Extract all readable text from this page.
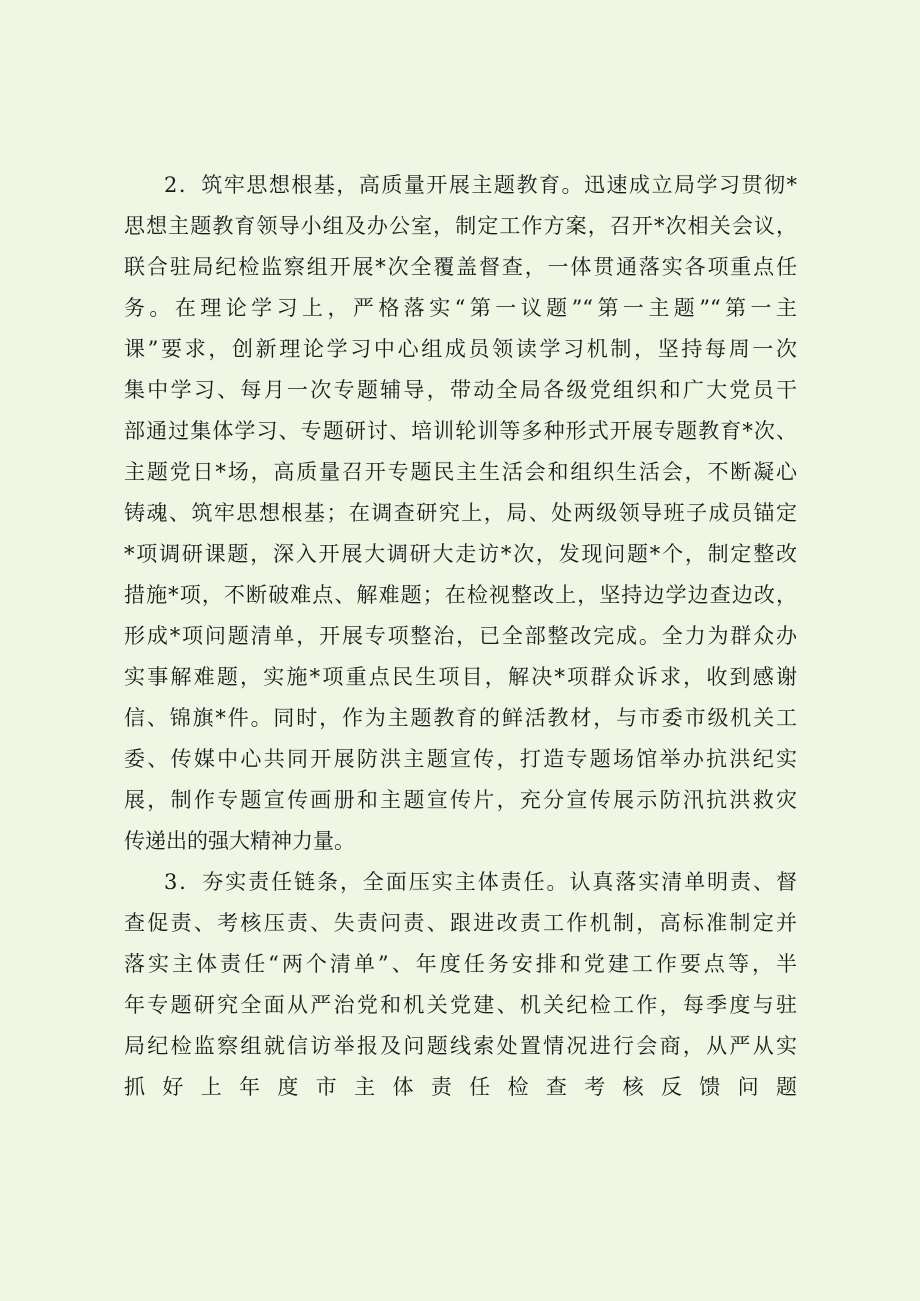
2．筑牢思想根基，高质量开展主题教育。迅速成立局学习贯彻*
思想主题教育领导小组及办公室，制定工作方案，召开*次相关会议，
联合驻局纪检监察组开展*次全覆盖督查，一体贯通落实各项重点任
务。在理论学习上，严格落实“第一议题”“第一主题”“第一主
课”要求，创新理论学习中心组成员领读学习机制，坚持每周一次
集中学习、每月一次专题辅导，带动全局各级党组织和广大党员干
部通过集体学习、专题研讨、培训轮训等多种形式开展专题教育*次、
主题党日*场，高质量召开专题民主生活会和组织生活会，不断凝心
铸魂、筑牢思想根基；在调查研究上，局、处两级领导班子成员锚定
*项调研课题，深入开展大调研大走访*次，发现问题*个，制定整改
措施*项，不断破难点、解难题；在检视整改上，坚持边学边查边改，
形成*项问题清单，开展专项整治，已全部整改完成。全力为群众办
实事解难题，实施*项重点民生项目，解决*项群众诉求，收到感谢
信、锦旗*件。同时，作为主题教育的鲜活教材，与市委市级机关工
委、传媒中心共同开展防洪主题宣传，打造专题场馆举办抗洪纪实
展，制作专题宣传画册和主题宣传片，充分宣传展示防汛抗洪救灾
传递出的强大精神力量。
3．夯实责任链条，全面压实主体责任。认真落实清单明责、督
查促责、考核压责、失责问责、跟进改责工作机制，高标准制定并
落实主体责任“两个清单”、年度任务安排和党建工作要点等，半
年专题研究全面从严治党和机关党建、机关纪检工作，每季度与驻
局纪检监察组就信访举报及问题线索处置情况进行会商，从严从实
抓好上年度市主体责任检查考核反馈问题
